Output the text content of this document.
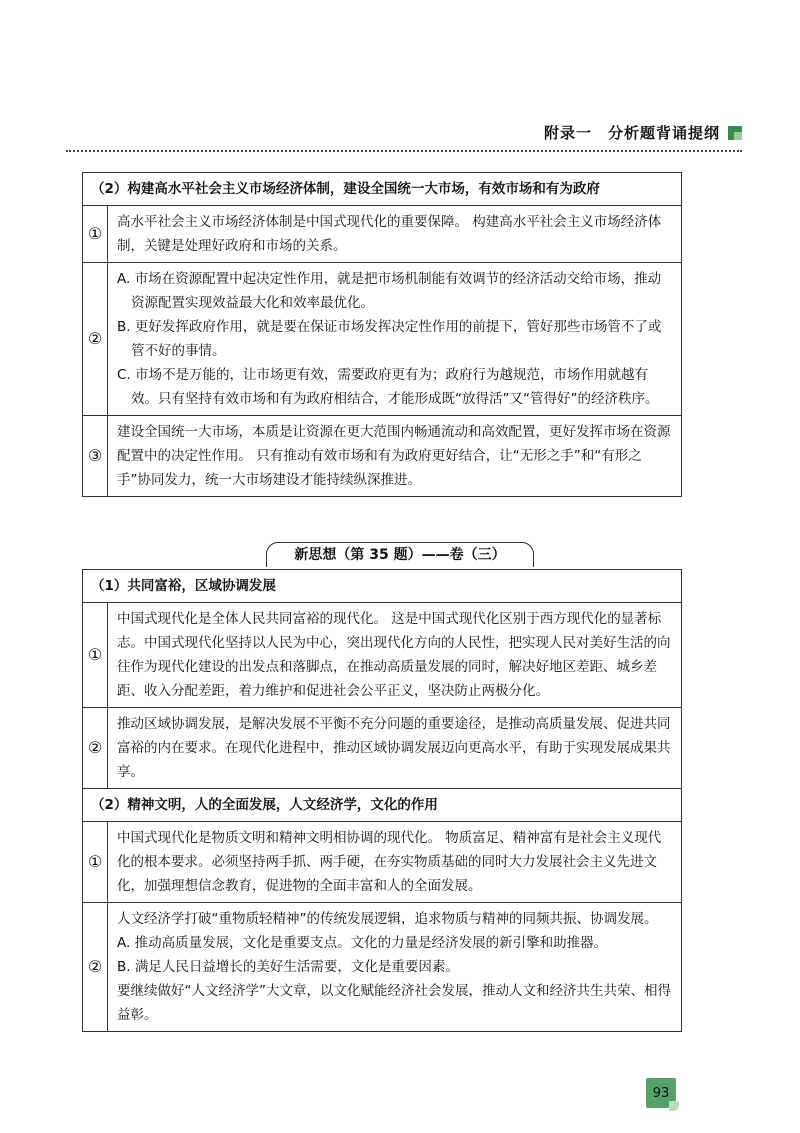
附录一　分析题背诵提纲
（2）构建高水平社会主义市场经济体制，建设全国统一大市场，有效市场和有为政府	
①	高水平社会主义市场经济体制是中国式现代化的重要保障。 构建高水平社会主义市场经济体制，关键是处理好政府和市场的关系。

②	A. 市场在资源配置中起决定性作用，就是把市场机制能有效调节的经济活动交给市场，推动资源配置实现效益最大化和效率最优化。
B. 更好发挥政府作用，就是要在保证市场发挥决定性作用的前提下，管好那些市场管不了或管不好的事情。
C. 市场不是万能的，让市场更有效，需要政府更有为；政府行为越规范，市场作用就越有效。只有坚持有效市场和有为政府相结合，才能形成既“放得活”又“管得好”的经济秩序。

③	建设全国统一大市场，本质是让资源在更大范围内畅通流动和高效配置，更好发挥市场在资源配置中的决定性作用。 只有推动有效市场和有为政府更好结合，让“无形之手”和“有形之手”协同发力，统一大市场建设才能持续纵深推进。
新思想（第 35 题）——卷（三）
（1）共同富裕，区域协调发展	
①	中国式现代化是全体人民共同富裕的现代化。 这是中国式现代化区别于西方现代化的显著标志。中国式现代化坚持以人民为中心，突出现代化方向的人民性，把实现人民对美好生活的向往作为现代化建设的出发点和落脚点，在推动高质量发展的同时，解决好地区差距、城乡差距、收入分配差距，着力维护和促进社会公平正义，坚决防止两极分化。

②	推动区域协调发展，是解决发展不平衡不充分问题的重要途径，是推动高质量发展、促进共同富裕的内在要求。在现代化进程中，推动区域协调发展迈向更高水平，有助于实现发展成果共享。

（2）精神文明，人的全面发展，人文经济学，文化的作用	
①	中国式现代化是物质文明和精神文明相协调的现代化。 物质富足、精神富有是社会主义现代化的根本要求。必须坚持两手抓、两手硬，在夯实物质基础的同时大力发展社会主义先进文化，加强理想信念教育，促进物的全面丰富和人的全面发展。

②	人文经济学打破“重物质轻精神”的传统发展逻辑，追求物质与精神的同频共振、协调发展。
A. 推动高质量发展，文化是重要支点。文化的力量是经济发展的新引擎和助推器。
B. 满足人民日益增长的美好生活需要，文化是重要因素。
要继续做好“人文经济学”大文章，以文化赋能经济社会发展，推动人文和经济共生共荣、相得益彰。
93
